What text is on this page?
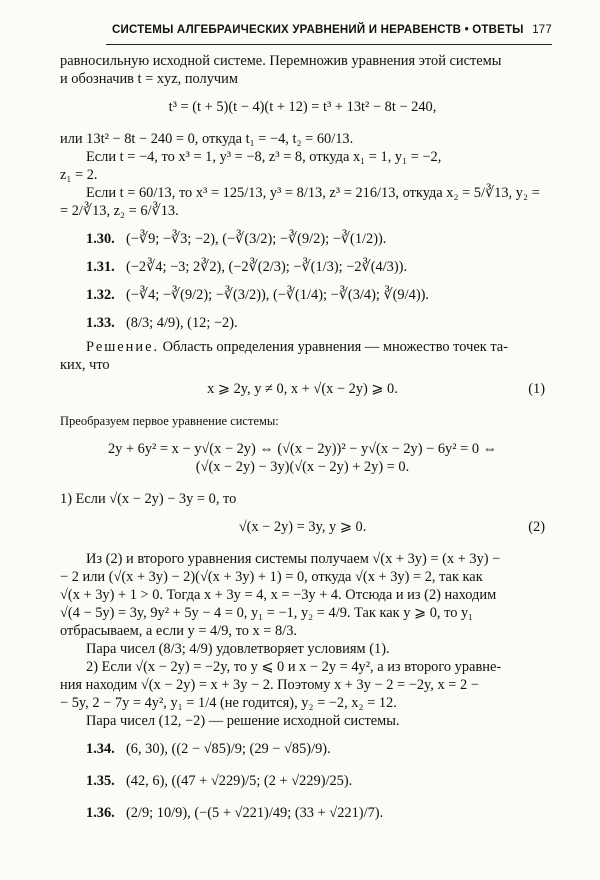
СИСТЕМЫ АЛГЕБРАИЧЕСКИХ УРАВНЕНИЙ И НЕРАВЕНСТВ • ОТВЕТЫ 177
равносильную исходной системе. Перемножив уравнения этой системы
и обозначив t = xyz, получим
t³ = (t + 5)(t − 4)(t + 12) = t³ + 13t² − 8t − 240,
или 13t² − 8t − 240 = 0, откуда t₁ = −4, t₂ = 60/13.
Если t = −4, то x³ = 1, y³ = −8, z³ = 8, откуда x₁ = 1, y₁ = −2,
z₁ = 2.
Если t = 60/13, то x³ = 125/13, y³ = 8/13, z³ = 216/13, откуда x₂ = 5/∛13, y₂ =
= 2/∛13, z₂ = 6/∛13.
1.30. (−∛9; −∛3; −2), (−∛(3/2); −∛(9/2); −∛(1/2)).
1.31. (−2∛4; −3; 2∛2), (−2∛(2/3); −∛(1/3); −2∛(4/3)).
1.32. (−∛4; −∛(9/2); −∛(3/2)), (−∛(1/4); −∛(3/4); ∛(9/4)).
1.33. (8/3; 4/9), (12; −2).
Решение. Область определения уравнения — множество точек та-
ких, что
x ⩾ 2y, y ≠ 0, x + √(x − 2y) ⩾ 0.	(1)
Преобразуем первое уравнение системы:
2y + 6y² = x − y√(x − 2y) ⇔ (√(x − 2y))² − y√(x − 2y) − 6y² = 0 ⇔
(√(x − 2y) − 3y)(√(x − 2y) + 2y) = 0.
1) Если √(x − 2y) − 3y = 0, то
√(x − 2y) = 3y, y ⩾ 0.	(2)
Из (2) и второго уравнения системы получаем √(x + 3y) = (x + 3y) −
− 2 или (√(x + 3y) − 2)(√(x + 3y) + 1) = 0, откуда √(x + 3y) = 2, так как
√(x + 3y) + 1 > 0. Тогда x + 3y = 4, x = −3y + 4. Отсюда и из (2) находим
√(4 − 5y) = 3y, 9y² + 5y − 4 = 0, y₁ = −1, y₂ = 4/9. Так как y ⩾ 0, то y₁
отбрасываем, а если y = 4/9, то x = 8/3.
Пара чисел (8/3; 4/9) удовлетворяет условиям (1).
2) Если √(x − 2y) = −2y, то y ⩽ 0 и x − 2y = 4y², а из второго уравне-
ния находим √(x − 2y) = x + 3y − 2. Поэтому x + 3y − 2 = −2y, x = 2 −
− 5y, 2 − 7y = 4y², y₁ = 1/4 (не годится), y₂ = −2, x₂ = 12.
Пара чисел (12, −2) — решение исходной системы.
1.34. (6, 30), ((2 − √85)/9; (29 − √85)/9).
1.35. (42, 6), ((47 + √229)/5; (2 + √229)/25).
1.36. (2/9; 10/9), (−(5 + √221)/49; (33 + √221)/7).
